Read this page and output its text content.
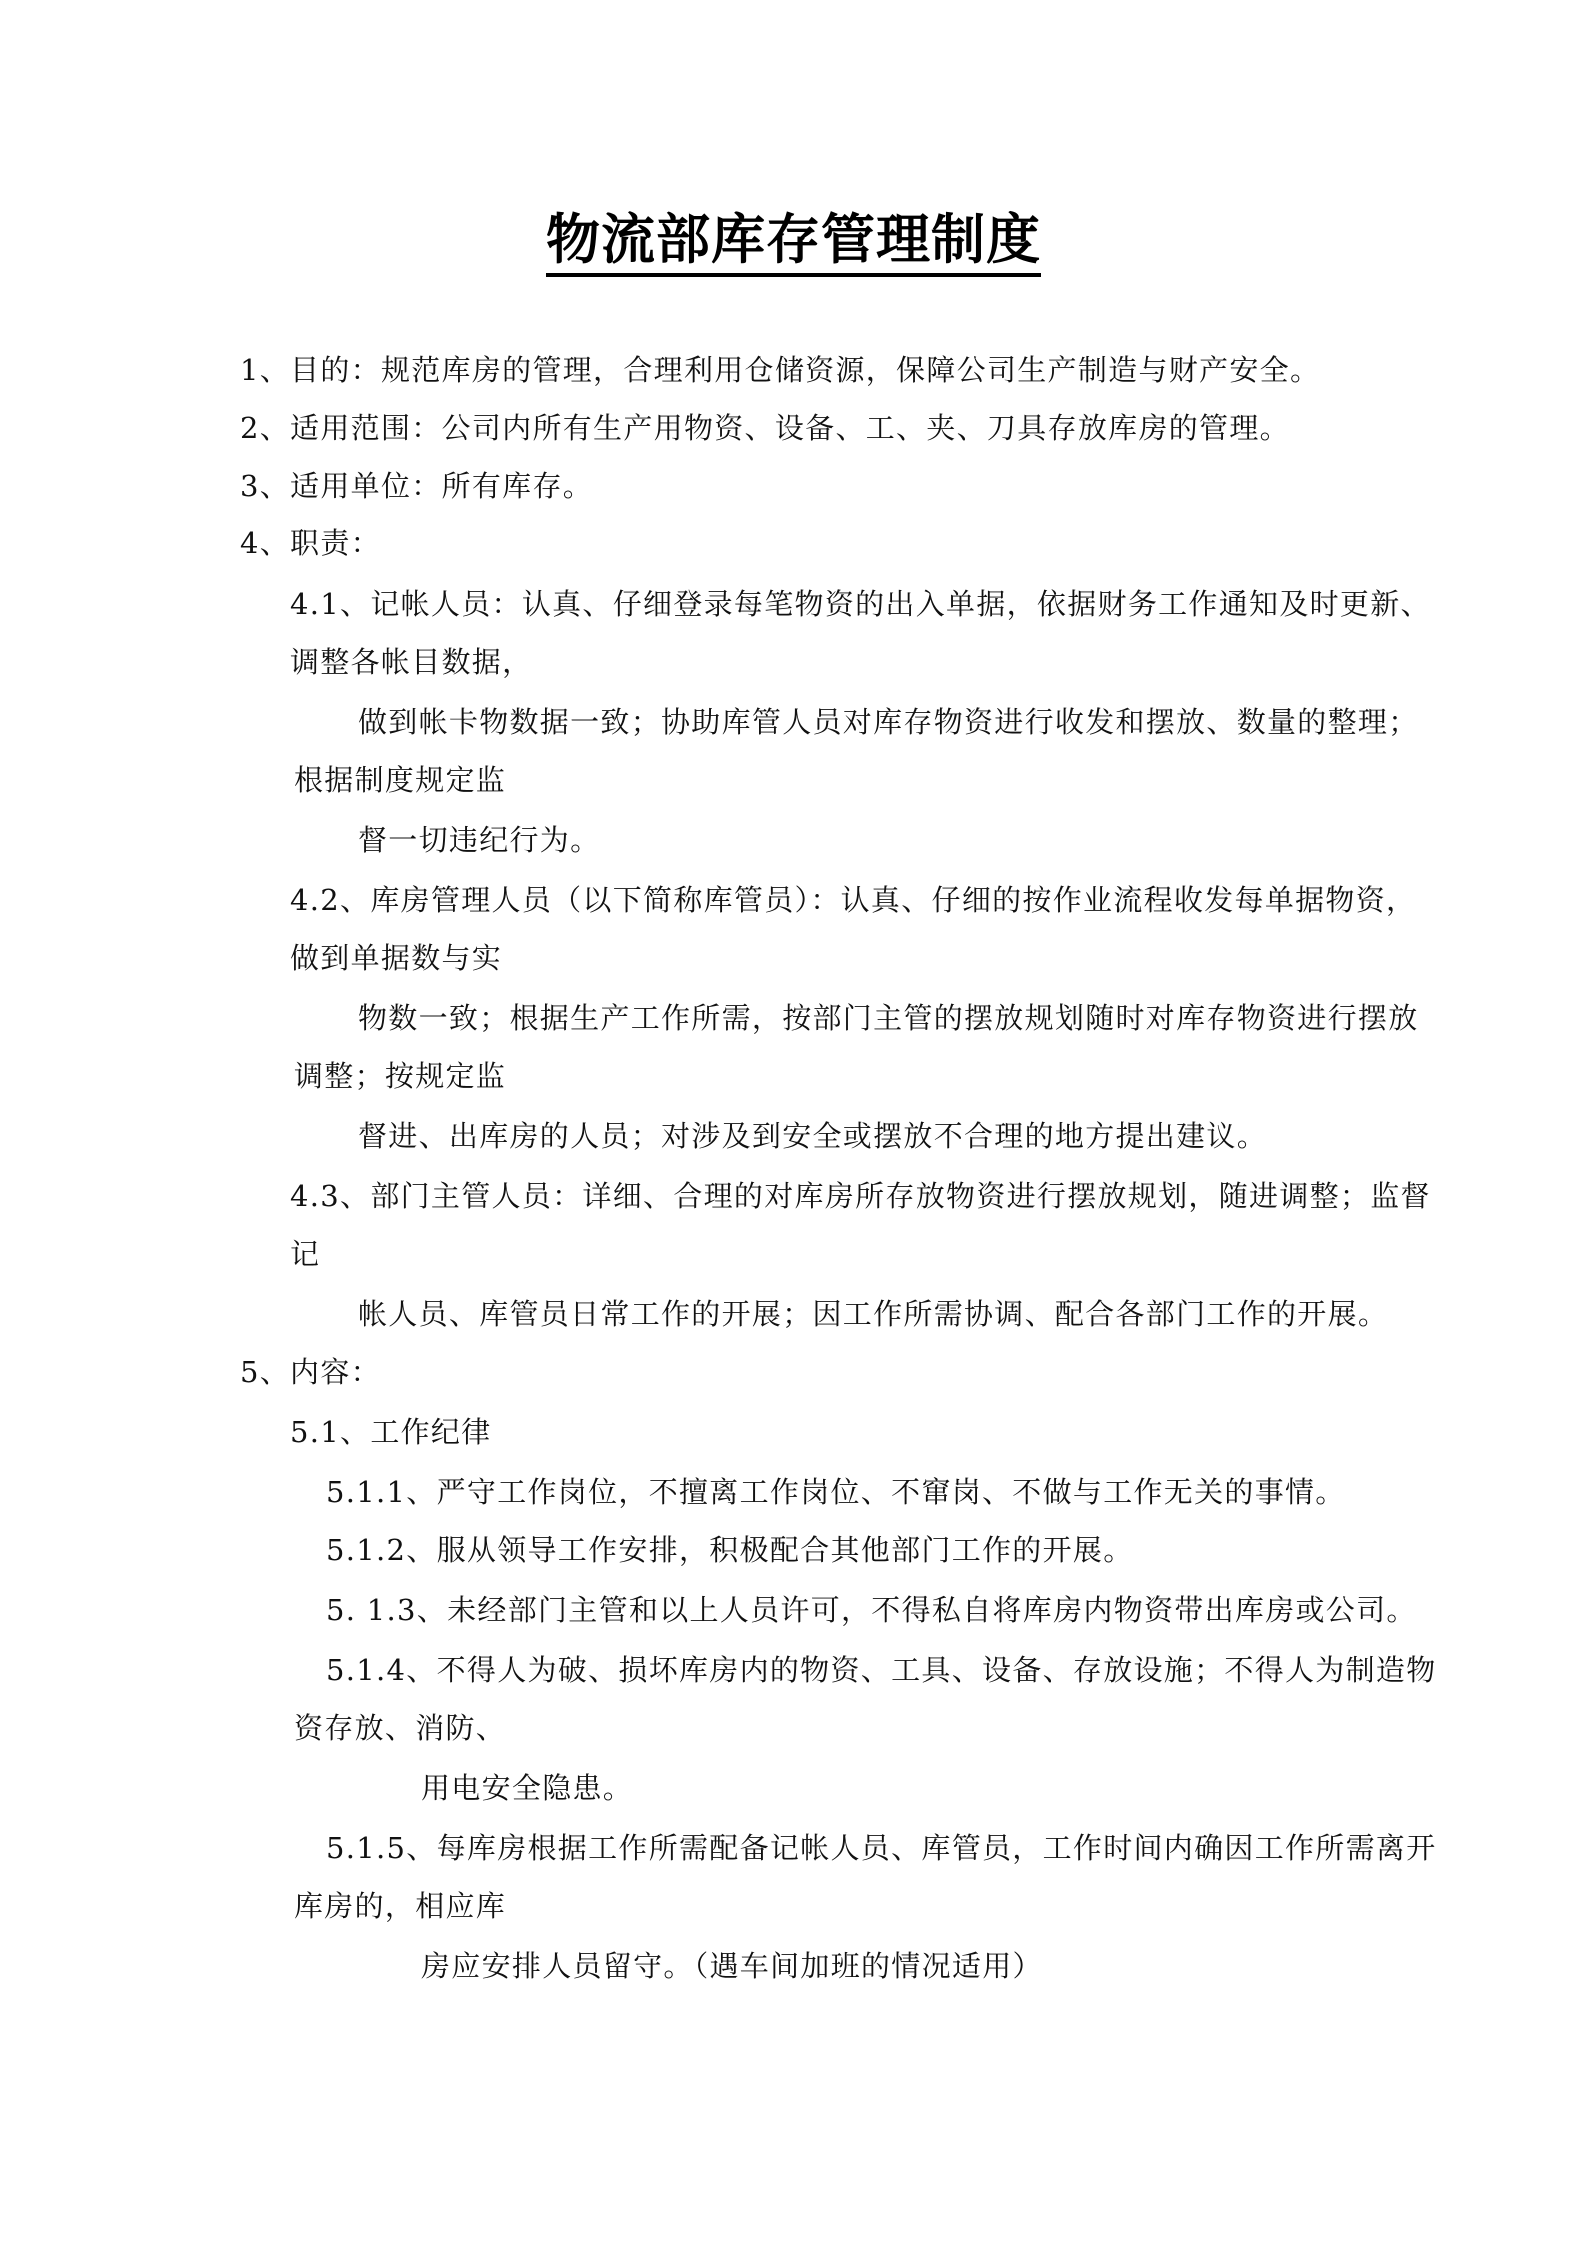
物流部库存管理制度
1、目的：规范库房的管理，合理利用仓储资源，保障公司生产制造与财产安全。
2、适用范围：公司内所有生产用物资、设备、工、夹、刀具存放库房的管理。
3、适用单位：所有库存。
4、职责：
4.1、记帐人员：认真、仔细登录每笔物资的出入单据，依据财务工作通知及时更新、
调整各帐目数据，
做到帐卡物数据一致；协助库管人员对库存物资进行收发和摆放、数量的整理；
根据制度规定监
督一切违纪行为。
4.2、库房管理人员（以下简称库管员）：认真、仔细的按作业流程收发每单据物资，
做到单据数与实
物数一致；根据生产工作所需，按部门主管的摆放规划随时对库存物资进行摆放
调整；按规定监
督进、出库房的人员；对涉及到安全或摆放不合理的地方提出建议。
4.3、部门主管人员：详细、合理的对库房所存放物资进行摆放规划，随进调整；监督
记
帐人员、库管员日常工作的开展；因工作所需协调、配合各部门工作的开展。
5、内容：
5.1、工作纪律
5.1.1、严守工作岗位，不擅离工作岗位、不窜岗、不做与工作无关的事情。
5.1.2、服从领导工作安排，积极配合其他部门工作的开展。
5. 1.3、未经部门主管和以上人员许可，不得私自将库房内物资带出库房或公司。
5.1.4、不得人为破、损坏库房内的物资、工具、设备、存放设施；不得人为制造物
资存放、消防、
用电安全隐患。
5.1.5、每库房根据工作所需配备记帐人员、库管员，工作时间内确因工作所需离开
库房的，相应库
房应安排人员留守。（遇车间加班的情况适用）
